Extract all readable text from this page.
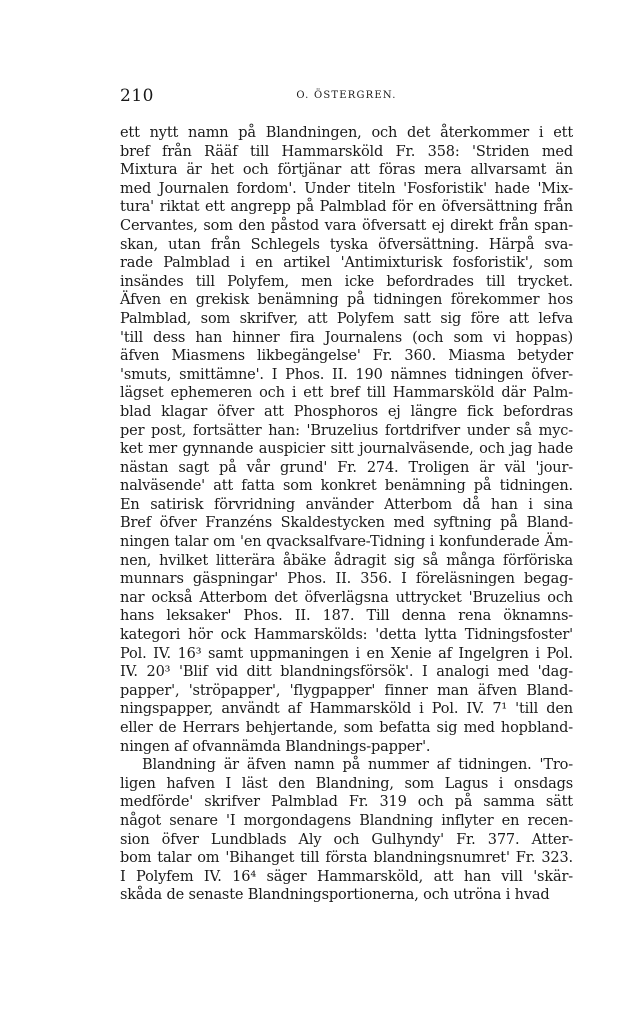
210	O. ÖSTERGREN.
ett nytt namn på Blandningen, och det återkommer i ett
bref från Rääf till Hammarsköld Fr. 358: 'Striden med
Mixtura är het och förtjänar att föras mera allvarsamt än
med Journalen fordom'. Under titeln 'Fosforistik' hade 'Mix-
tura' riktat ett angrepp på Palmblad för en öfversättning från
Cervantes, som den påstod vara öfversatt ej direkt från span-
skan, utan från Schlegels tyska öfversättning. Härpå sva-
rade Palmblad i en artikel 'Antimixturisk fosforistik', som
insändes till Polyfem, men icke befordrades till trycket.
Äfven en grekisk benämning på tidningen förekommer hos
Palmblad, som skrifver, att Polyfem satt sig före att lefva
'till dess han hinner fira Journalens (och som vi hoppas)
äfven Miasmens likbegängelse' Fr. 360. Miasma betyder
'smuts, smittämne'. I Phos. II. 190 nämnes tidningen öfver-
lägset ephemeren och i ett bref till Hammarsköld där Palm-
blad klagar öfver att Phosphoros ej längre fick befordras
per post, fortsätter han: 'Bruzelius fortdrifver under så myc-
ket mer gynnande auspicier sitt journalväsende, och jag hade
nästan sagt på vår grund' Fr. 274. Troligen är väl 'jour-
nalväsende' att fatta som konkret benämning på tidningen.
En satirisk förvridning använder Atterbom då han i sina
Bref öfver Franzéns Skaldestycken med syftning på Bland-
ningen talar om 'en qvacksalfvare-Tidning i konfunderade Äm-
nen, hvilket litterära åbäke ådragit sig så många förföriska
munnars gäspningar' Phos. II. 356. I föreläsningen begag-
nar också Atterbom det öfverlägsna uttrycket 'Bruzelius och
hans leksaker' Phos. II. 187. Till denna rena öknamns-
kategori hör ock Hammarskölds: 'detta lytta Tidningsfoster'
Pol. IV. 16³ samt uppmaningen i en Xenie af Ingelgren i Pol.
IV. 20³ 'Blif vid ditt blandningsförsök'. I analogi med 'dag-
papper', 'ströpapper', 'flygpapper' finner man äfven Bland-
ningspapper, användt af Hammarsköld i Pol. IV. 7¹ 'till den
eller de Herrars behjertande, som befatta sig med hopbland-
ningen af ofvannämda Blandnings-papper'.
Blandning är äfven namn på nummer af tidningen. 'Tro-
ligen hafven I läst den Blandning, som Lagus i onsdags
medförde' skrifver Palmblad Fr. 319 och på samma sätt
något senare 'I morgondagens Blandning inflyter en recen-
sion öfver Lundblads Aly och Gulhyndy' Fr. 377. Atter-
bom talar om 'Bihanget till första blandningsnumret' Fr. 323.
I Polyfem IV. 16⁴ säger Hammarsköld, att han vill 'skär-
skåda de senaste Blandningsportionerna, och utröna i hvad
